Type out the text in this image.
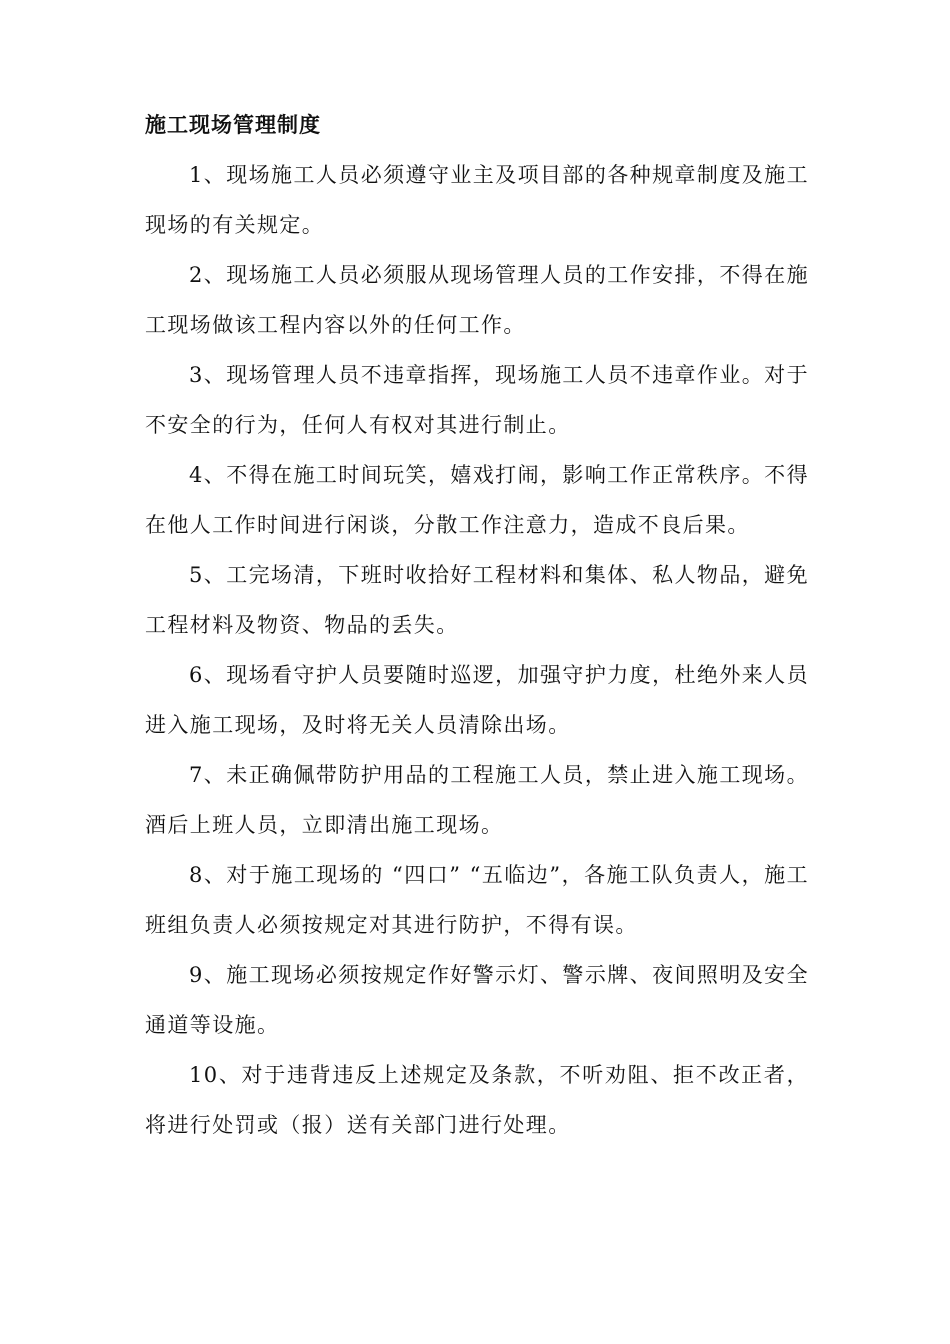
施工现场管理制度

1、现场施工人员必须遵守业主及项目部的各种规章制度及施工现场的有关规定。

2、现场施工人员必须服从现场管理人员的工作安排，不得在施工现场做该工程内容以外的任何工作。

3、现场管理人员不违章指挥，现场施工人员不违章作业。对于不安全的行为，任何人有权对其进行制止。

4、不得在施工时间玩笑，嬉戏打闹，影响工作正常秩序。不得在他人工作时间进行闲谈，分散工作注意力，造成不良后果。

5、工完场清，下班时收拾好工程材料和集体、私人物品，避免工程材料及物资、物品的丢失。

6、现场看守护人员要随时巡逻，加强守护力度，杜绝外来人员进入施工现场，及时将无关人员清除出场。

7、未正确佩带防护用品的工程施工人员，禁止进入施工现场。酒后上班人员，立即清出施工现场。

8、对于施工现场的 “四口” “五临边”，各施工队负责人，施工班组负责人必须按规定对其进行防护，不得有误。

9、施工现场必须按规定作好警示灯、警示牌、夜间照明及安全通道等设施。

10、对于违背违反上述规定及条款，不听劝阻、拒不改正者，将进行处罚或（报）送有关部门进行处理。
